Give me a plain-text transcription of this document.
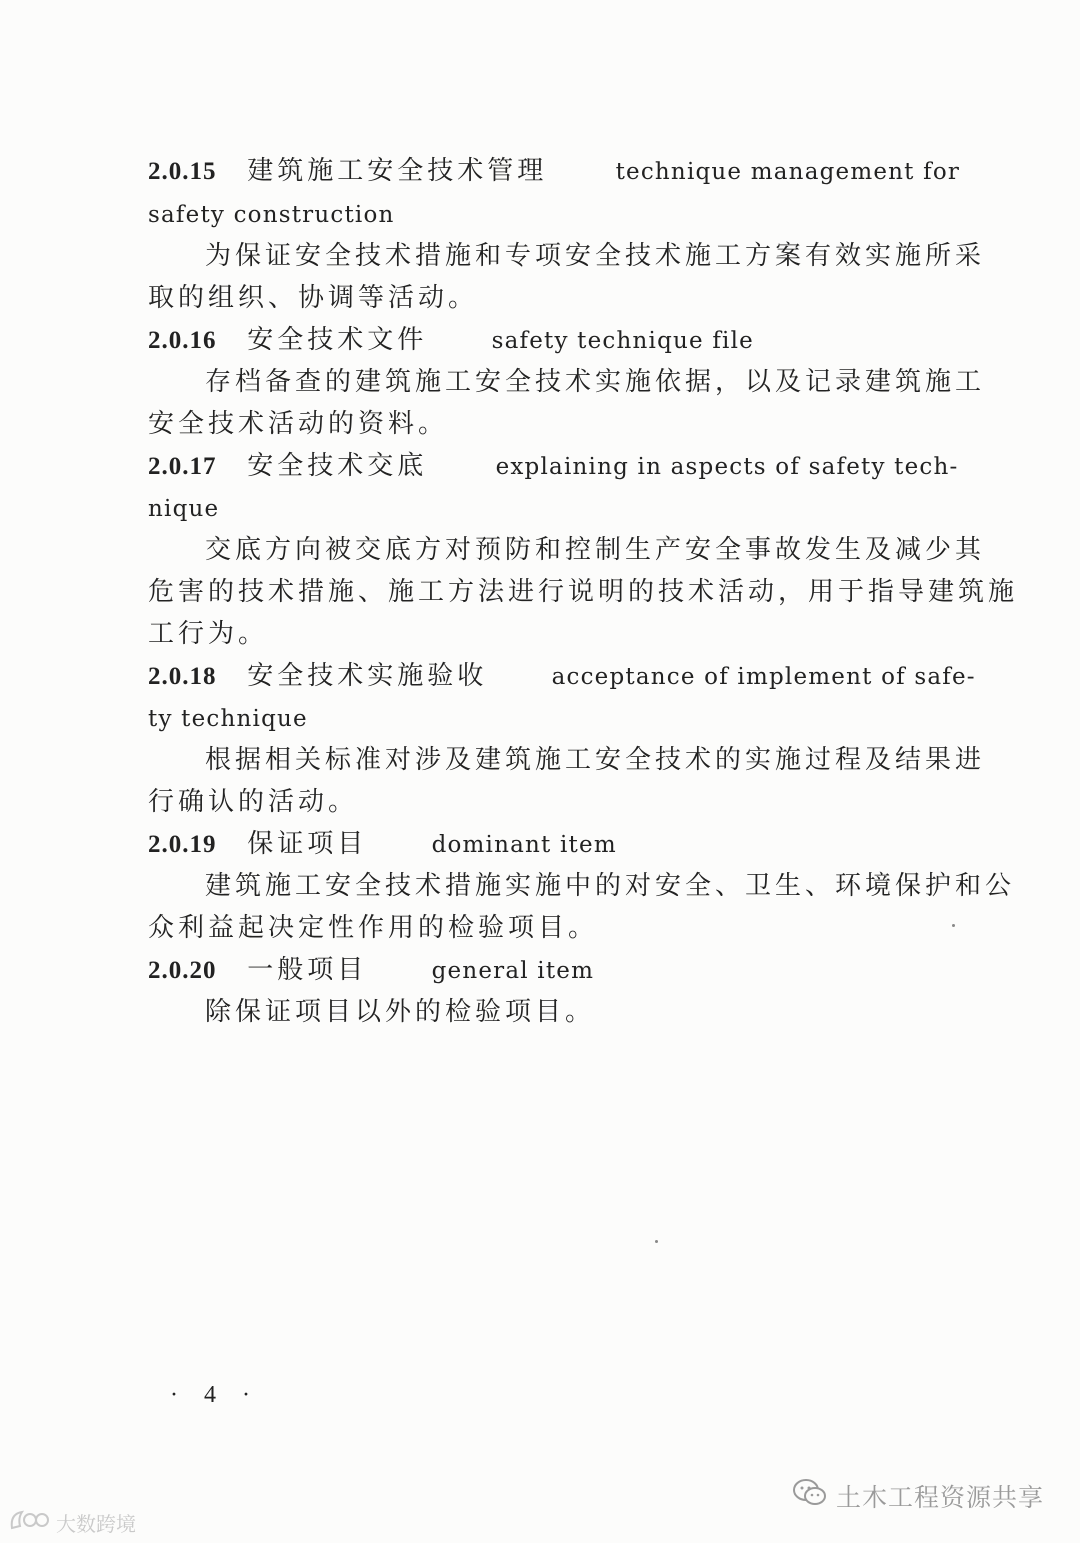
2.0.15 建筑施工安全技术管理	technique management for
safety construction
为保证安全技术措施和专项安全技术施工方案有效实施所采
取的组织、协调等活动。
2.0.16 安全技术文件	safety technique file
存档备查的建筑施工安全技术实施依据，以及记录建筑施工
安全技术活动的资料。
2.0.17 安全技术交底	explaining in aspects of safety tech-
nique
交底方向被交底方对预防和控制生产安全事故发生及减少其
危害的技术措施、施工方法进行说明的技术活动，用于指导建筑施
工行为。
2.0.18 安全技术实施验收	acceptance of implement of safe-
ty technique
根据相关标准对涉及建筑施工安全技术的实施过程及结果进
行确认的活动。
2.0.19 保证项目	dominant item
建筑施工安全技术措施实施中的对安全、卫生、环境保护和公
众利益起决定性作用的检验项目。
2.0.20 一般项目	general item
除保证项目以外的检验项目。
· 4 ·
土木工程资源共享
大数跨境
